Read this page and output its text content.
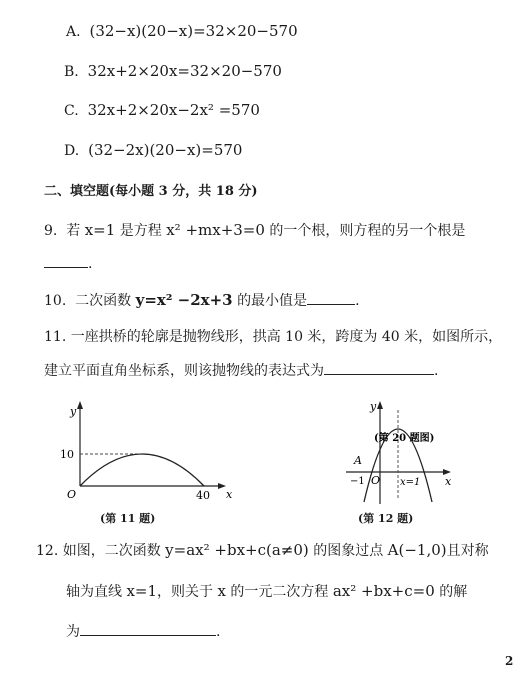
A. (32−x)(20−x)=32×20−570
B. 32x+2×20x=32×20−570
C. 32x+2×20x−2x² =570
D. (32−2x)(20−x)=570
二、填空题(每小题 3 分，共 18 分)
9. 若 x=1 是方程 x² +mx+3=0 的一个根，则方程的另一个根是
.
10. 二次函数 y=x² −2x+3 的最小值是	.
11. 一座拱桥的轮廓是抛物线形，拱高 10 米，跨度为 40 米，如图所示，
建立平面直角坐标系，则该抛物线的表达式为	.
y
x
O
10
40
(第 11 题)
y
x
O
A
−1	x=1
(第 20 题图)
(第 12 题)
12. 如图，二次函数 y=ax² +bx+c(a≠0) 的图象过点 A(−1,0)且对称
轴为直线 x=1，则关于 x 的一元二次方程 ax² +bx+c=0 的解
为	.
2
